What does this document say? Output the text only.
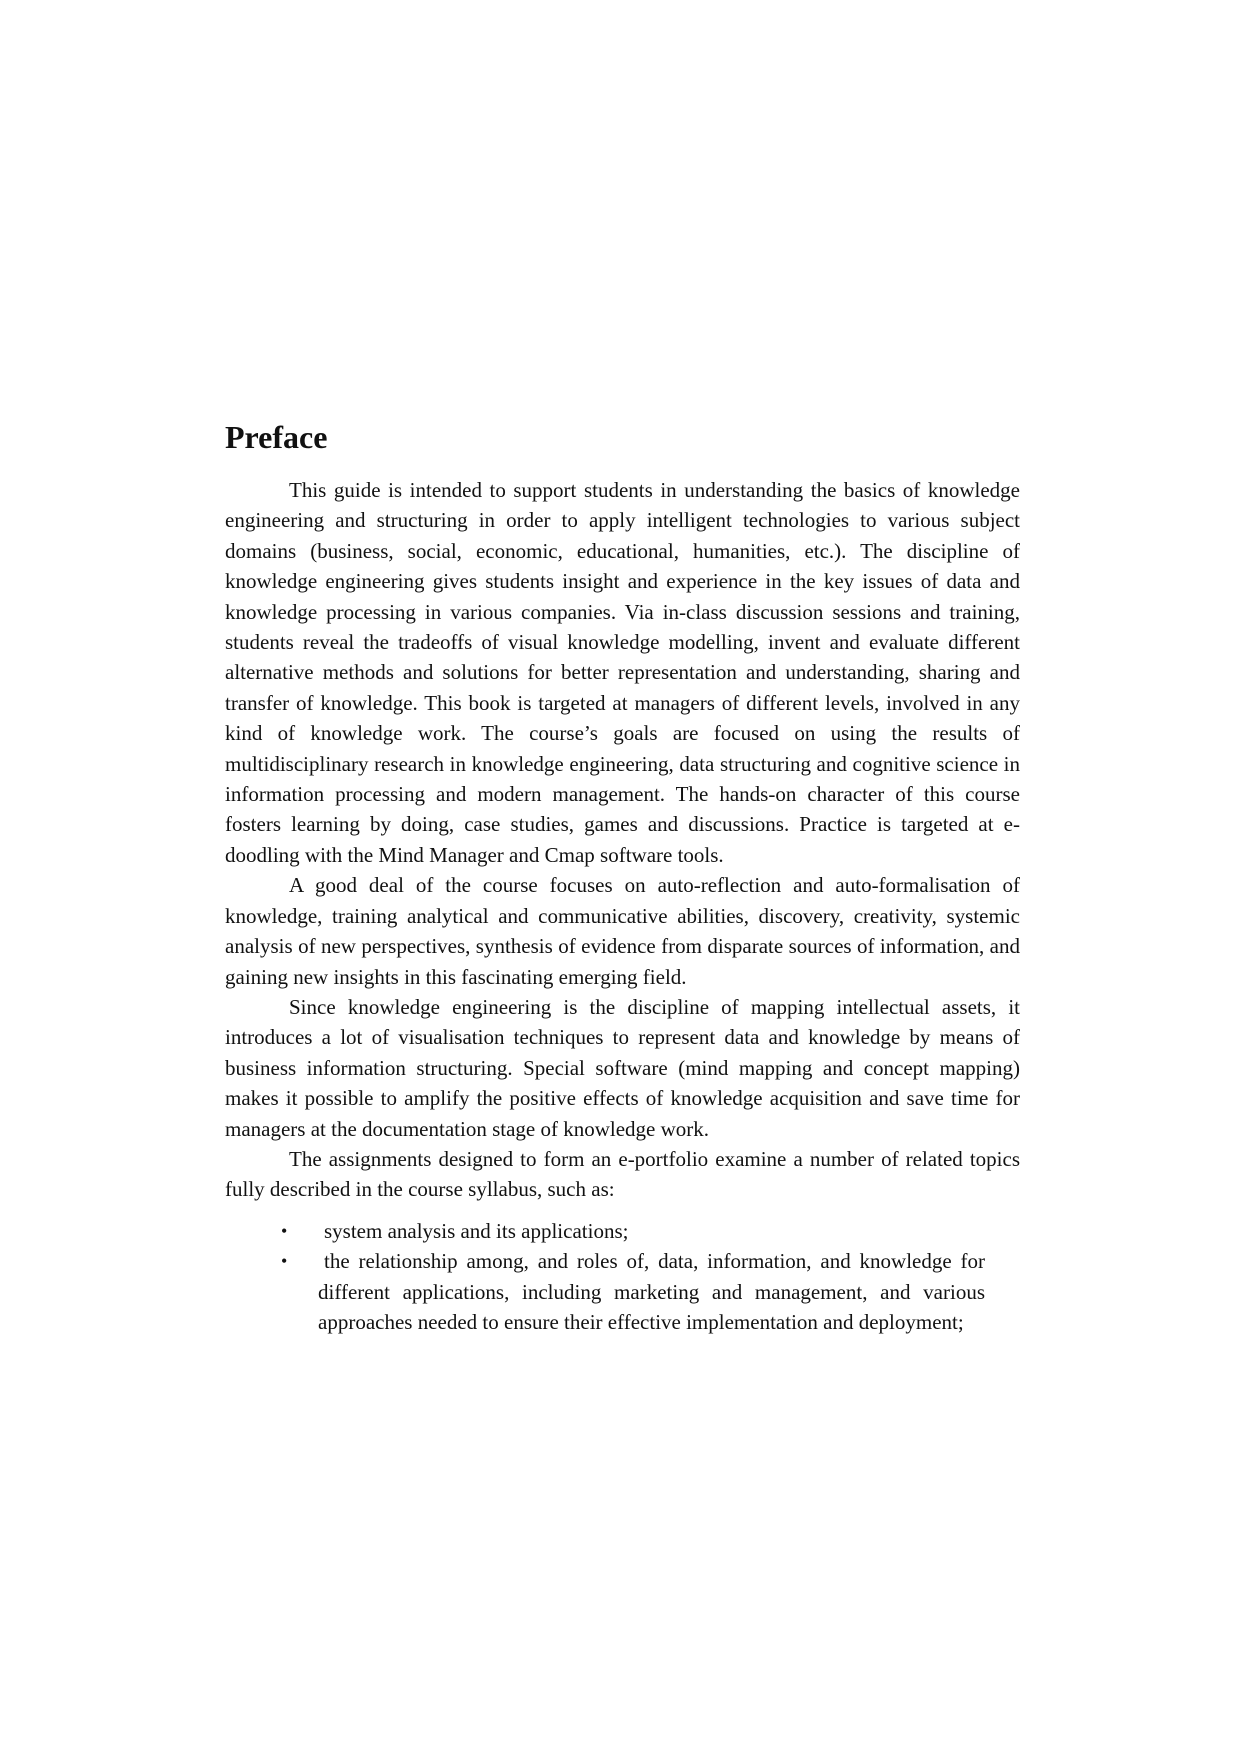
Preface

This guide is intended to support students in understanding the basics of knowledge engineering and structuring in order to apply intelligent technologies to various subject domains (business, social, economic, educational, humanities, etc.). The discipline of knowledge engineering gives students insight and experience in the key issues of data and knowledge processing in various companies. Via in-class discussion sessions and training, students reveal the tradeoffs of visual knowledge modelling, invent and evaluate different alternative methods and solutions for better representation and understanding, sharing and transfer of knowledge. This book is targeted at managers of different levels, involved in any kind of knowledge work. The course’s goals are focused on using the results of multidisciplinary research in knowledge engineering, data structuring and cognitive science in information processing and modern management. The hands-on character of this course fosters learning by doing, case studies, games and discussions. Practice is targeted at e-doodling with the Mind Manager and Cmap software tools.

A good deal of the course focuses on auto-reflection and auto-formalisation of knowledge, training analytical and communicative abilities, discovery, creativity, systemic analysis of new perspectives, synthesis of evidence from disparate sources of information, and gaining new insights in this fascinating emerging field.

Since knowledge engineering is the discipline of mapping intellectual assets, it introduces a lot of visualisation techniques to represent data and knowledge by means of business information structuring. Special software (mind mapping and concept mapping) makes it possible to amplify the positive effects of knowledge acquisition and save time for managers at the documentation stage of knowledge work.

The assignments designed to form an e-portfolio examine a number of related topics fully described in the course syllabus, such as:

• system analysis and its applications;
• the relationship among, and roles of, data, information, and knowledge for different applications, including marketing and management, and various approaches needed to ensure their effective implementation and deployment;
